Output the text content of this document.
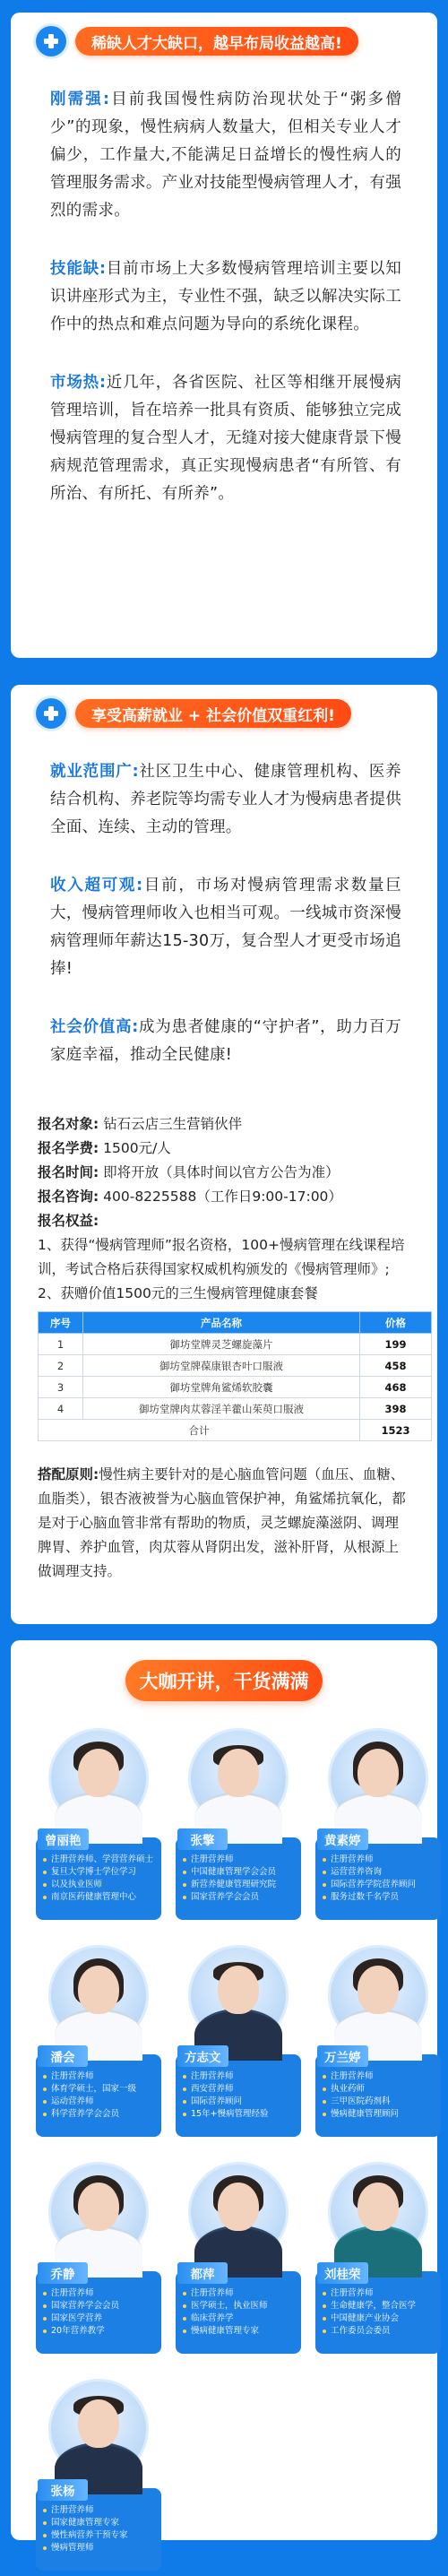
稀缺人才大缺口，越早布局收益越高!

刚需强:目前我国慢性病防治现状处于“粥多僧少”的现象，慢性病病人数量大，但相关专业人才偏少，工作量大,不能满足日益增长的慢性病人的管理服务需求。产业对技能型慢病管理人才，有强烈的需求。

技能缺:目前市场上大多数慢病管理培训主要以知识讲座形式为主，专业性不强，缺乏以解决实际工作中的热点和难点问题为导向的系统化课程。

市场热:近几年，各省医院、社区等相继开展慢病管理培训，旨在培养一批具有资质、能够独立完成慢病管理的复合型人才，无缝对接大健康背景下慢病规范管理需求，真正实现慢病患者“有所管、有所治、有所托、有所养”。

享受高薪就业 + 社会价值双重红利!

就业范围广:社区卫生中心、健康管理机构、医养结合机构、养老院等均需专业人才为慢病患者提供全面、连续、主动的管理。

收入超可观:目前，市场对慢病管理需求数量巨大，慢病管理师收入也相当可观。一线城市资深慢病管理师年薪达15-30万，复合型人才更受市场追捧!

社会价值高:成为患者健康的“守护者”，助力百万家庭幸福，推动全民健康!

报名对象: 钻石云店三生营销伙伴
报名学费: 1500元/人
报名时间: 即将开放（具体时间以官方公告为准）
报名咨询: 400-8225588（工作日9:00-17:00）
报名权益:
1、获得“慢病管理师”报名资格，100+慢病管理在线课程培训，考试合格后获得国家权威机构颁发的《慢病管理师》;
2、获赠价值1500元的三生慢病管理健康套餐
序号	产品名称	价格
1	御坊堂牌灵芝螺旋藻片	199
2	御坊堂牌葆康银杏叶口服液	458
3	御坊堂牌角鲨烯软胶囊	468
4	御坊堂牌肉苁蓉淫羊藿山茱萸口服液	398
合计		1523
搭配原则:慢性病主要针对的是心脑血管问题（血压、血糖、血脂类），银杏液被誉为心脑血管保护神，角鲨烯抗氧化，都是对于心脑血管非常有帮助的物质，灵芝螺旋藻滋阴、调理脾胃、养护血管，肉苁蓉从肾阴出发，滋补肝肾，从根源上做调理支持。
大咖开讲，干货满满
曾丽艳
注册营养师、学营营养硕士
复旦大学博士学位学习
以及执业医师
南京医药健康管理中心
张擎
注册营养师
中国健康管理学会会员
新营养健康管理研究院
国家营养学会会员
黄素婷
注册营养师
运营营养咨询
国际营养学院营养顾问
服务过数千名学员
潘会
注册营养师
体育学硕士，国家一级
运动营养师
科学营养学会会员
方志文
注册营养师
西安营养师
国际营养顾问
15年+慢病管理经验
万兰婷
注册营养师
执业药师
三甲医院药剂科
慢病健康管理顾问
乔静
注册营养师
国家营养学会会员
国家医学营养
20年营养教学
都萍
注册营养师
医学硕士，执业医师
临床营养学
慢病健康管理专家
刘桂荣
注册营养师
生命健康学，整合医学
中国健康产业协会
工作委员会委员
张杨
注册营养师
国家健康管理专家
慢性病营养干预专家
慢病管理师
